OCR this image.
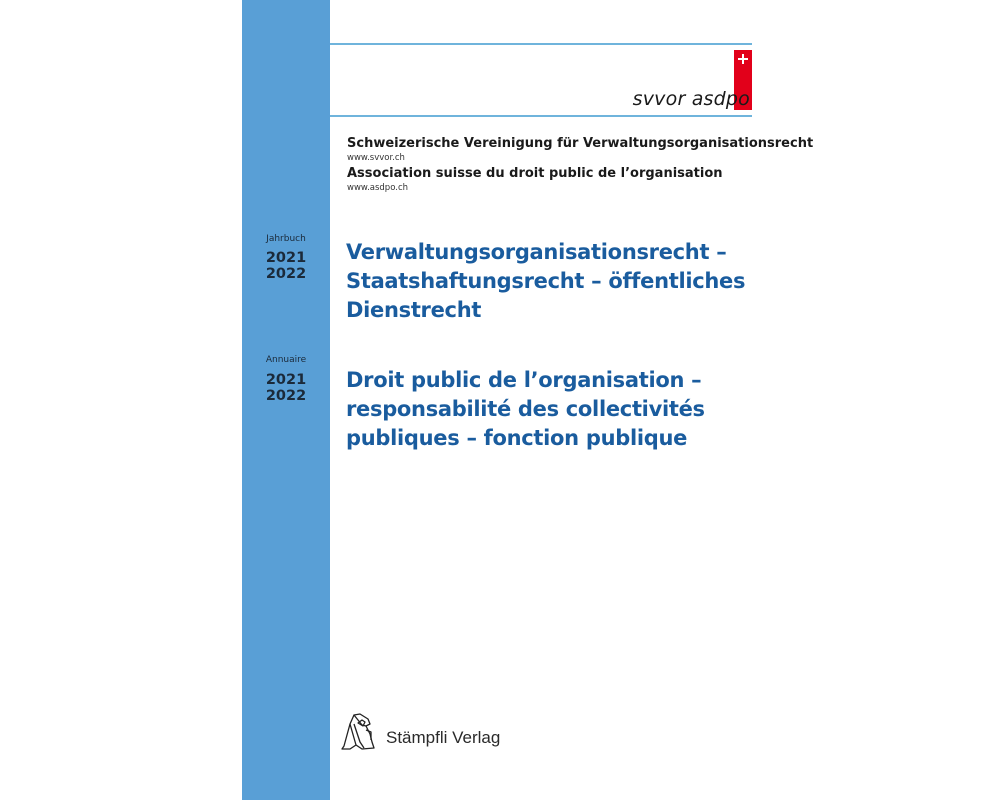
svvor asdpo
Schweizerische Vereinigung für Verwaltungsorganisationsrecht
www.svvor.ch
Association suisse du droit public de l’organisation
www.asdpo.ch
Jahrbuch
2021
2022
Annuaire
2021
2022
Verwaltungsorganisationsrecht –
Staatshaftungsrecht – öffentliches
Dienstrecht
Droit public de l’organisation –
responsabilité des collectivités
publiques – fonction publique
Stämpfli Verlag
